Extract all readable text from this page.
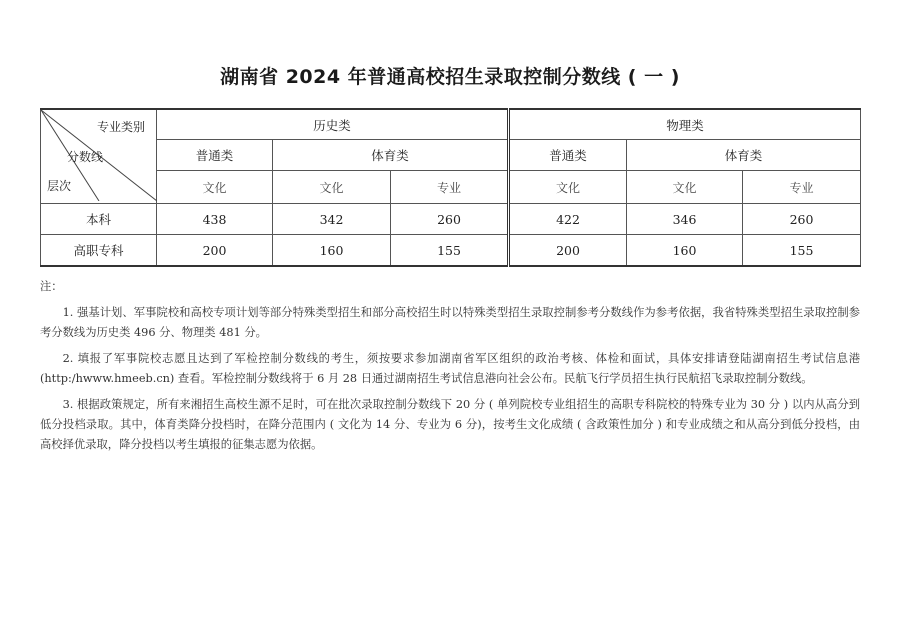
湖南省 2024 年普通高校招生录取控制分数线 ( 一 )
专业类别
分数线
层次	历史类			物理类		
	普通类	体育类		普通类	体育类	
	文化	文化	专业	文化	文化	专业
本科	438	342	260	422	346	260
高职专科	200	160	155	200	160	155
注：

1. 强基计划、军事院校和高校专项计划等部分特殊类型招生和部分高校招生时以特殊类型招生录取控制参考分数线作为参考依据，我省特殊类型招生录取控制参考分数线为历史类 496 分、物理类 481 分。

2. 填报了军事院校志愿且达到了军检控制分数线的考生，须按要求参加湖南省军区组织的政治考核、体检和面试，具体安排请登陆湖南招生考试信息港(http:/hwww.hmeeb.cn) 查看。军检控制分数线将于 6 月 28 日通过湖南招生考试信息港向社会公布。民航飞行学员招生执行民航招飞录取控制分数线。

3. 根据政策规定，所有来湘招生高校生源不足时，可在批次录取控制分数线下 20 分 ( 单列院校专业组招生的高职专科院校的特殊专业为 30 分 ) 以内从高分到低分投档录取。其中，体育类降分投档时，在降分范围内 ( 文化为 14 分、专业为 6 分)，按考生文化成绩 ( 含政策性加分 ) 和专业成绩之和从高分到低分投档，由高校择优录取，降分投档以考生填报的征集志愿为依据。
